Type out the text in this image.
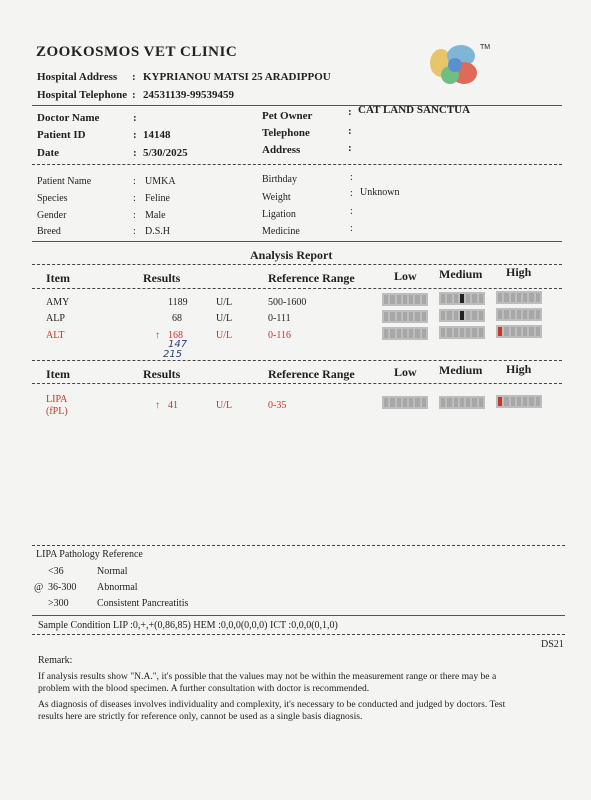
ZOOKOSMOS VET CLINIC
Hospital Address : KYPRIANOU MATSI 25 ARADIPPOU
Hospital Telephone : 24531139-99539459
TM
Doctor Name	:
Patient ID	: 14148
Date	: 5/30/2025
Pet Owner	: CAT LAND SANCTUA
Telephone	:
Address	:
Patient Name	: UMKA
Species	: Feline
Gender	: Male
Breed	: D.S.H
Birthday	:
Weight	: Unknown
Ligation	:
Medicine	:
Analysis Report
Item	Results	Reference Range	Low Medium High
AMY	1189	U/L	500-1600
ALP	68	U/L	0-111
ALT	↑ 168	U/L	0-116
147
215
Item	Results	Reference Range	Low Medium High
LIPA
(fPL)
↑ 41	U/L	0-35
LIPA Pathology Reference
<36	Normal
@ 36-300 Abnormal
>300	Consistent Pancreatitis
Sample Condition LIP :0,+,+(0,86,85) HEM :0,0,0(0,0,0) ICT :0,0,0(0,1,0)
DS21
Remark:
If analysis results show "N.A.", it's possible that the values may not be within the measurement range or there may be a
problem with the blood specimen. A further consultation with doctor is recommended.
As diagnosis of diseases involves individuality and complexity, it's necessary to be conducted and judged by doctors. Test
results here are strictly for reference only, cannot be used as a single basis diagnosis.
